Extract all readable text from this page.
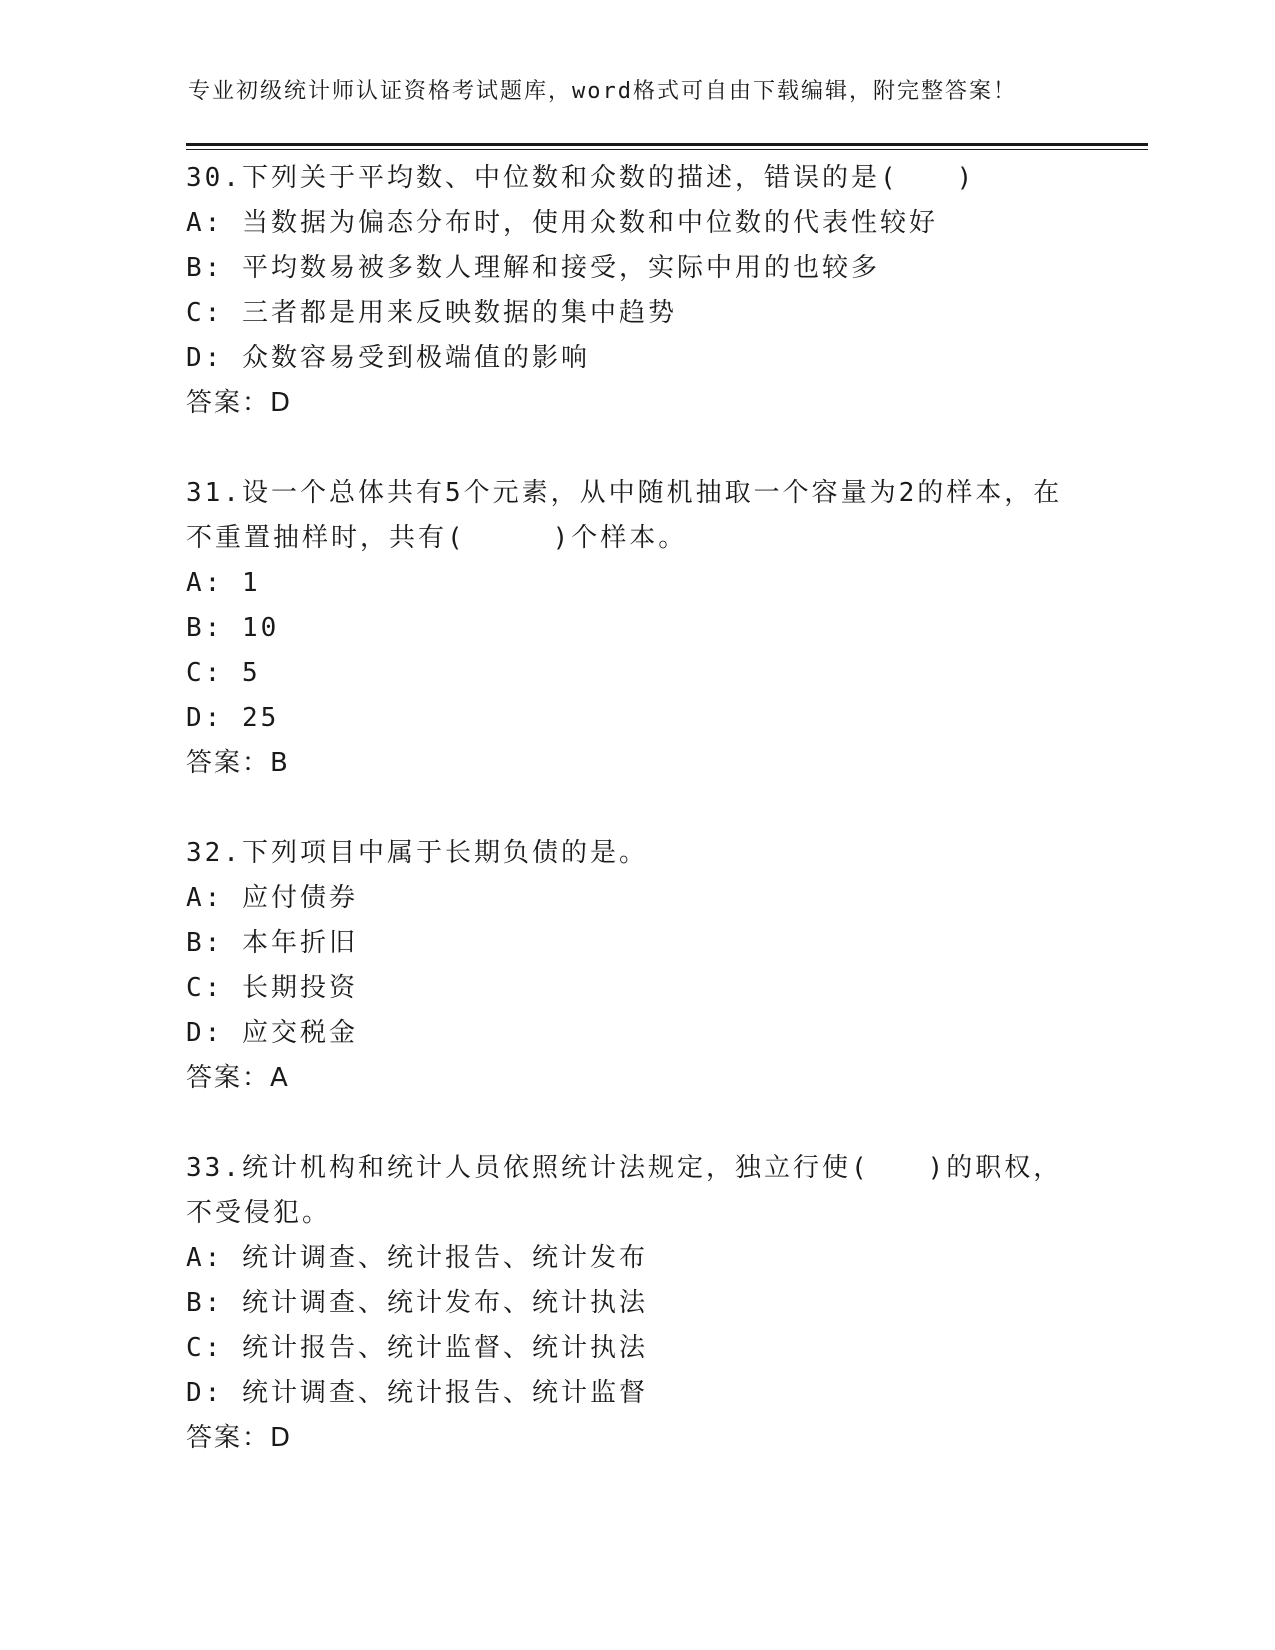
专业初级统计师认证资格考试题库，word格式可自由下载编辑，附完整答案！
30.下列关于平均数、中位数和众数的描述，错误的是(　　)
A: 当数据为偏态分布时，使用众数和中位数的代表性较好
B: 平均数易被多数人理解和接受，实际中用的也较多
C: 三者都是用来反映数据的集中趋势
D: 众数容易受到极端值的影响
答案：D
31.设一个总体共有5个元素，从中随机抽取一个容量为2的样本，在不重置抽样时，共有(　　　)个样本。
A: 1
B: 10
C: 5
D: 25
答案：B
32.下列项目中属于长期负债的是。
A: 应付债券
B: 本年折旧
C: 长期投资
D: 应交税金
答案：A
33.统计机构和统计人员依照统计法规定，独立行使(　　)的职权，不受侵犯。
A: 统计调查、统计报告、统计发布
B: 统计调查、统计发布、统计执法
C: 统计报告、统计监督、统计执法
D: 统计调查、统计报告、统计监督
答案：D
